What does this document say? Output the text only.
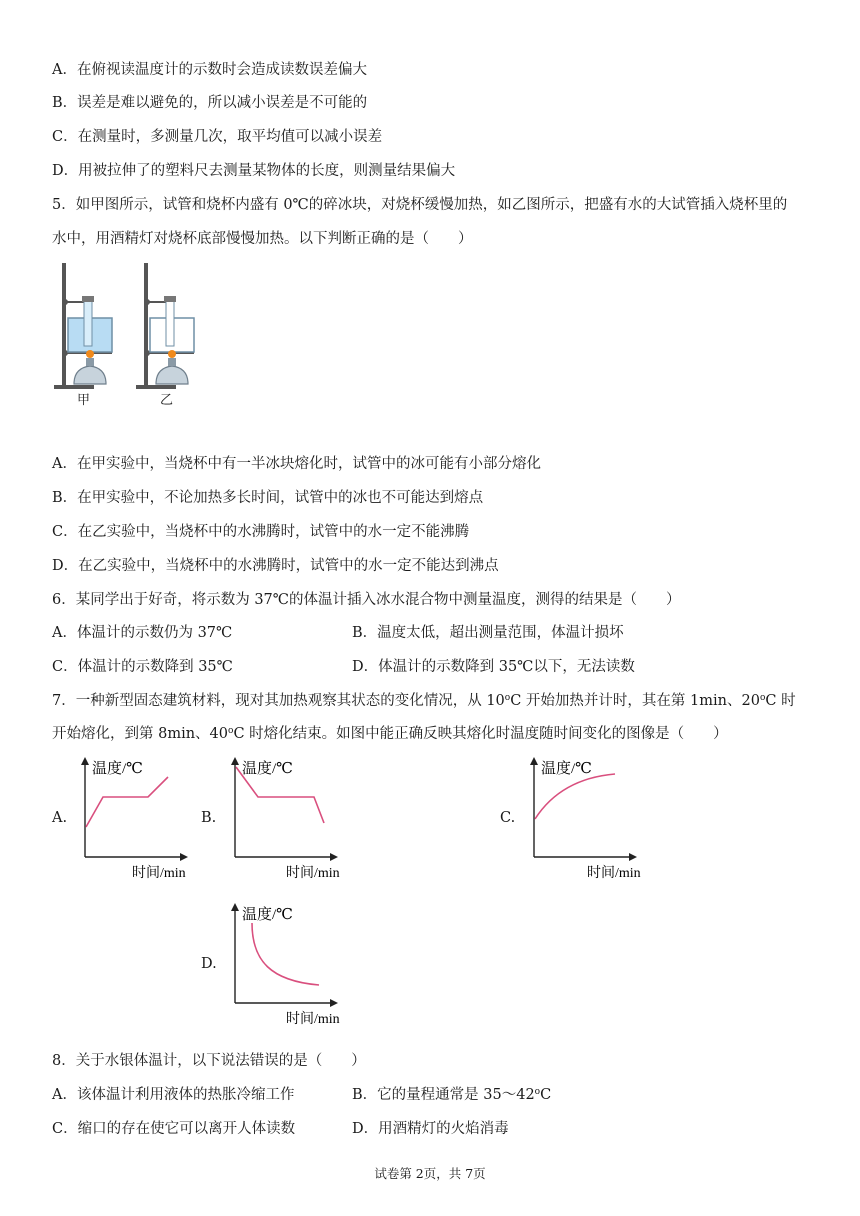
A．在俯视读温度计的示数时会造成读数误差偏大
B．误差是难以避免的，所以减小误差是不可能的
C．在测量时，多测量几次，取平均值可以减小误差
D．用被拉伸了的塑料尺去测量某物体的长度，则测量结果偏大
5．如甲图所示，试管和烧杯内盛有 0℃的碎冰块，对烧杯缓慢加热，如乙图所示，把盛有水的大试管插入烧杯里的
水中，用酒精灯对烧杯底部慢慢加热。以下判断正确的是（　　）
甲	乙
A．在甲实验中，当烧杯中有一半冰块熔化时，试管中的冰可能有小部分熔化
B．在甲实验中，不论加热多长时间，试管中的冰也不可能达到熔点
C．在乙实验中，当烧杯中的水沸腾时，试管中的水一定不能沸腾
D．在乙实验中，当烧杯中的水沸腾时，试管中的水一定不能达到沸点
6．某同学出于好奇，将示数为 37℃的体温计插入冰水混合物中测量温度，测得的结果是（　　）
A．体温计的示数仍为 37℃	B．温度太低，超出测量范围，体温计损坏
C．体温计的示数降到 35℃	D．体温计的示数降到 35℃以下，无法读数
7．一种新型固态建筑材料，现对其加热观察其状态的变化情况，从 10$^o$C 开始加热并计时，其在第 1min、20$^o$C 时
开始熔化，到第 8min、40$^o$C 时熔化结束。如图中能正确反映其熔化时温度随时间变化的图像是（　　）
A.
温度/℃
时间/min
B.
温度/℃
时间/min
C.
温度/℃
时间/min
D.
温度/℃
时间/min
8．关于水银体温计，以下说法错误的是（　　）
A．该体温计利用液体的热胀冷缩工作	B．它的量程通常是 35～42$^o$C
C．缩口的存在使它可以离开人体读数	D．用酒精灯的火焰消毒
试卷第 2页，共 7页
